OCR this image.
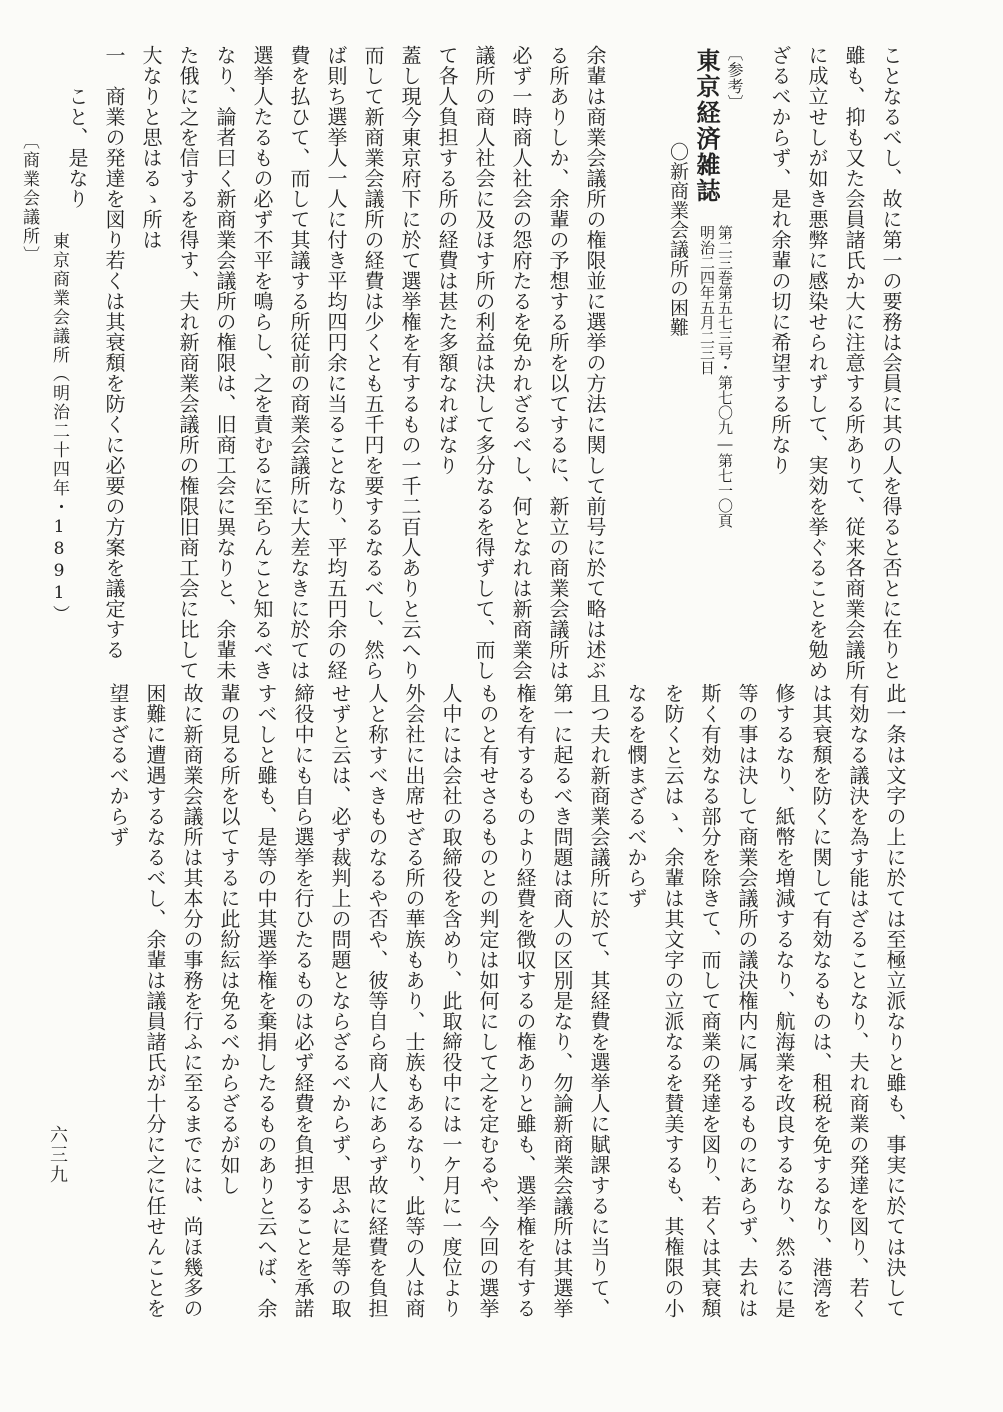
ことなるべし、故に第一の要務は会員に其の人を得ると否とに在りと
雖も、抑も又た会員諸氏か大に注意する所ありて、従来各商業会議所
に成立せしが如き悪弊に感染せられずして、実効を挙ぐることを勉め
ざるべからず、是れ余輩の切に希望する所なり
〔参考〕
東京経済雑誌
第二三巻第五七三号・第七〇九―第七一〇頁
明治二四年五月二三日
〇新商業会議所の困難
余輩は商業会議所の権限並に選挙の方法に関して前号に於て略は述ぶ
る所ありしか、余輩の予想する所を以てするに、新立の商業会議所は
必ず一時商人社会の怨府たるを免かれざるべし、何となれは新商業会
議所の商人社会に及ほす所の利益は決して多分なるを得ずして、而し
て各人負担する所の経費は甚た多額なればなり
蓋し現今東京府下に於て選挙権を有するもの一千二百人ありと云へり
而して新商業会議所の経費は少くとも五千円を要するなるべし、然ら
ば則ち選挙人一人に付き平均四円余に当ることなり、平均五円余の経
費を払ひて、而して其議する所従前の商業会議所に大差なきに於ては
選挙人たるもの必ず不平を鳴らし、之を責むるに至らんこと知るべき
なり、論者曰く新商業会議所の権限は、旧商工会に異なりと、余輩未
た俄に之を信するを得す、夫れ新商業会議所の権限旧商工会に比して
大なりと思はるゝ所は
一　商業の発達を図り若くは其衰頽を防くに必要の方案を議定する
　　こと、是なり
〔商業会議所〕
東京商業会議所（明治二十四年・1891）
此一条は文字の上に於ては至極立派なりと雖も、事実に於ては決して
有効なる議決を為す能はざることなり、夫れ商業の発達を図り、若く
は其衰頽を防くに関して有効なるものは、租税を免するなり、港湾を
修するなり、紙幣を増減するなり、航海業を改良するなり、然るに是
等の事は決して商業会議所の議決権内に属するものにあらず、去れは
斯く有効なる部分を除きて、而して商業の発達を図り、若くは其衰頽
を防くと云はゝ、余輩は其文字の立派なるを賛美するも、其権限の小
なるを憫まざるべからず
且つ夫れ新商業会議所に於て、其経費を選挙人に賦課するに当りて、
第一に起るべき問題は商人の区別是なり、勿論新商業会議所は其選挙
権を有するものより経費を徴収するの権ありと雖も、選挙権を有する
ものと有せさるものとの判定は如何にして之を定むるや、今回の選挙
人中には会社の取締役を含めり、此取締役中には一ケ月に一度位より
外会社に出席せざる所の華族もあり、士族もあるなり、此等の人は商
人と称すべきものなるや否や、彼等自ら商人にあらず故に経費を負担
せずと云は、必ず裁判上の問題とならざるべからず、思ふに是等の取
締役中にも自ら選挙を行ひたるものは必ず経費を負担することを承諾
すべしと雖も、是等の中其選挙権を棄捐したるものありと云へば、余
輩の見る所を以てするに此紛紜は免るべからざるが如し
故に新商業会議所は其本分の事務を行ふに至るまでには、尚ほ幾多の
困難に遭遇するなるべし、余輩は議員諸氏が十分に之に任せんことを
望まざるべからず
六三九
